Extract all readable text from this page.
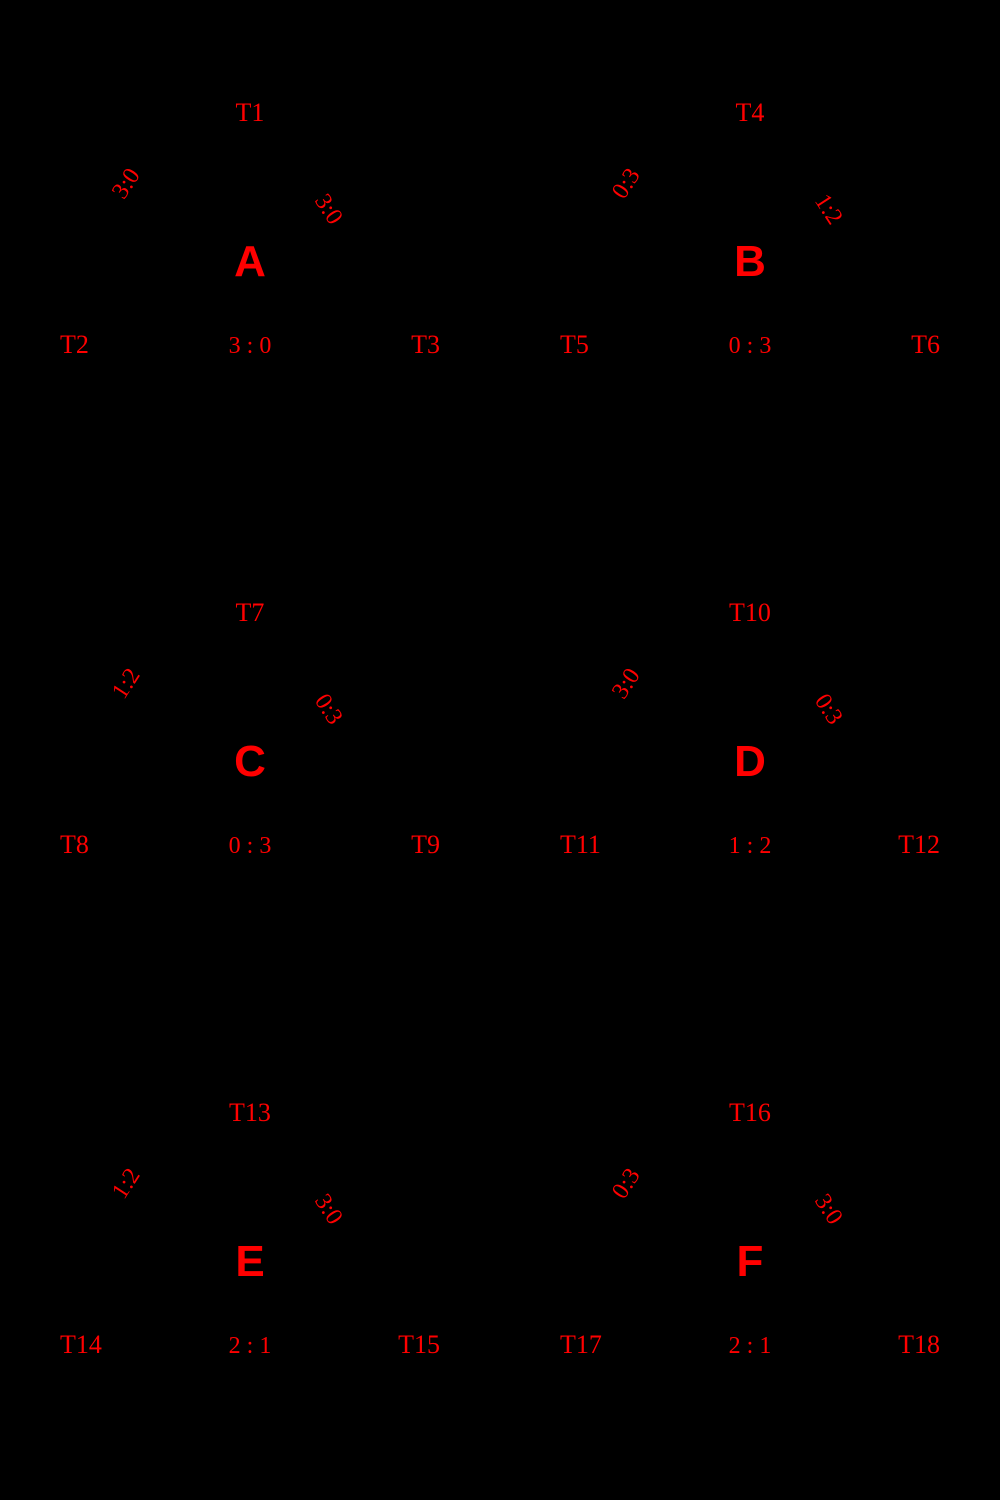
T1
T2	T3
3:0
3:0
3 : 0
A
T4
T5	T6
0:3
1:2
0 : 3
B
T7
T8	T9
1:2
0:3
0 : 3
C
T10
T11	T12
3:0
0:3
1 : 2
D
T13
T14	T15
1:2
3:0
2 : 1
E
T16
T17	T18
0:3
3:0
2 : 1
F
